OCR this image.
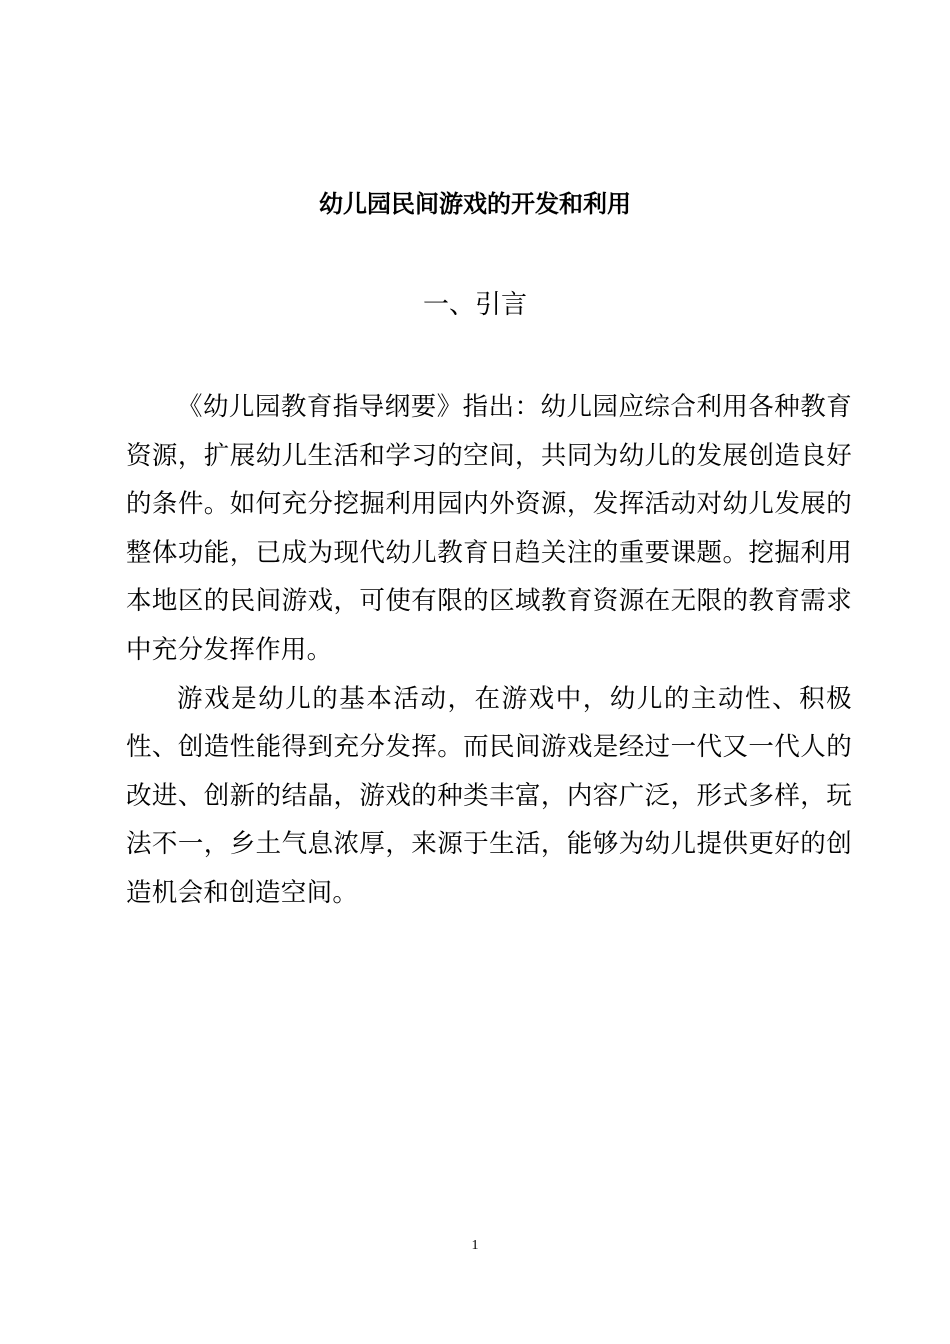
幼儿园民间游戏的开发和利用
一、引言

《幼儿园教育指导纲要》指出：幼儿园应综合利用各种教育资源，扩展幼儿生活和学习的空间，共同为幼儿的发展创造良好的条件。如何充分挖掘利用园内外资源，发挥活动对幼儿发展的整体功能，已成为现代幼儿教育日趋关注的重要课题。挖掘利用本地区的民间游戏，可使有限的区域教育资源在无限的教育需求中充分发挥作用。

游戏是幼儿的基本活动，在游戏中，幼儿的主动性、积极性、创造性能得到充分发挥。而民间游戏是经过一代又一代人的改进、创新的结晶，游戏的种类丰富，内容广泛，形式多样，玩法不一，乡土气息浓厚，来源于生活，能够为幼儿提供更好的创造机会和创造空间。

1
